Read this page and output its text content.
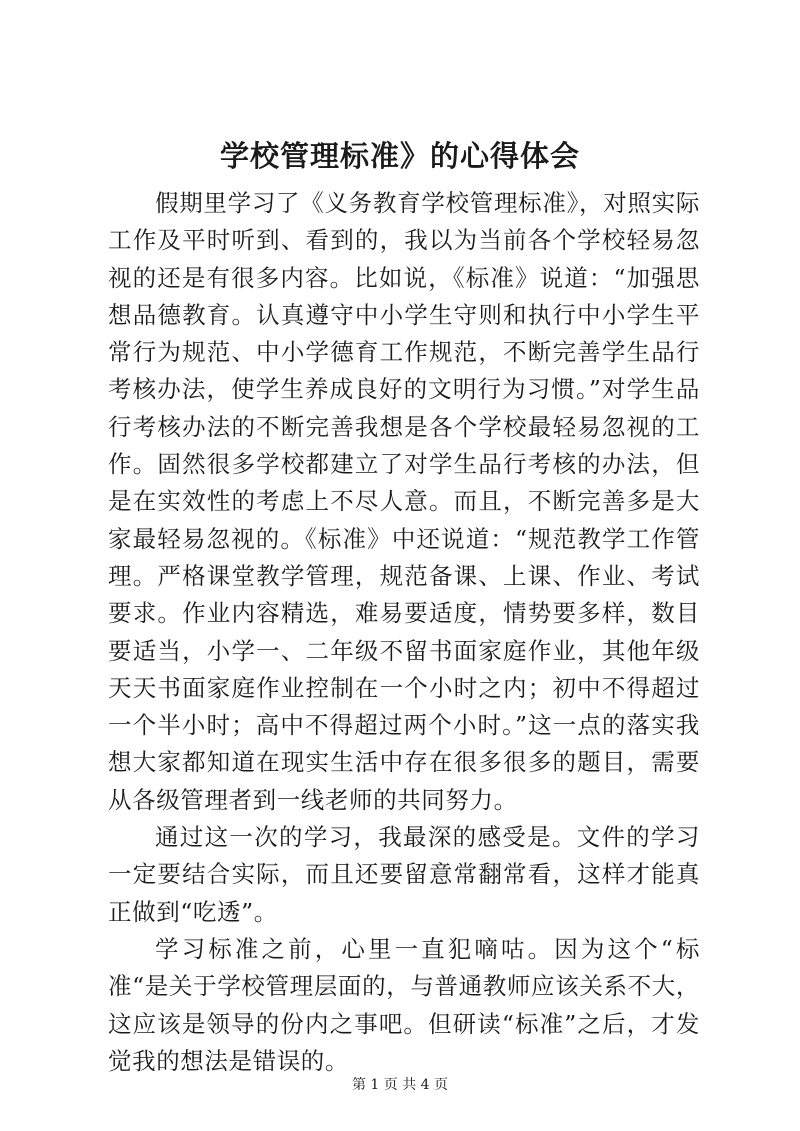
学校管理标准》的心得体会

假期里学习了《义务教育学校管理标准》，对照实际工作及平时听到、看到的，我以为当前各个学校轻易忽视的还是有很多内容。比如说，《标准》说道：“加强思想品德教育。认真遵守中小学生守则和执行中小学生平常行为规范、中小学德育工作规范，不断完善学生品行考核办法，使学生养成良好的文明行为习惯。”对学生品行考核办法的不断完善我想是各个学校最轻易忽视的工作。固然很多学校都建立了对学生品行考核的办法，但是在实效性的考虑上不尽人意。而且，不断完善多是大家最轻易忽视的。《标准》中还说道：“规范教学工作管理。严格课堂教学管理，规范备课、上课、作业、考试要求。作业内容精选，难易要适度，情势要多样，数目要适当，小学一、二年级不留书面家庭作业，其他年级天天书面家庭作业控制在一个小时之内；初中不得超过一个半小时；高中不得超过两个小时。”这一点的落实我想大家都知道在现实生活中存在很多很多的题目，需要从各级管理者到一线老师的共同努力。

通过这一次的学习，我最深的感受是。文件的学习一定要结合实际，而且还要留意常翻常看，这样才能真正做到“吃透”。

学习标准之前，心里一直犯嘀咕。因为这个“标准“是关于学校管理层面的，与普通教师应该关系不大，这应该是领导的份内之事吧。但研读“标准”之后，才发觉我的想法是错误的。

第 1 页 共 4 页
